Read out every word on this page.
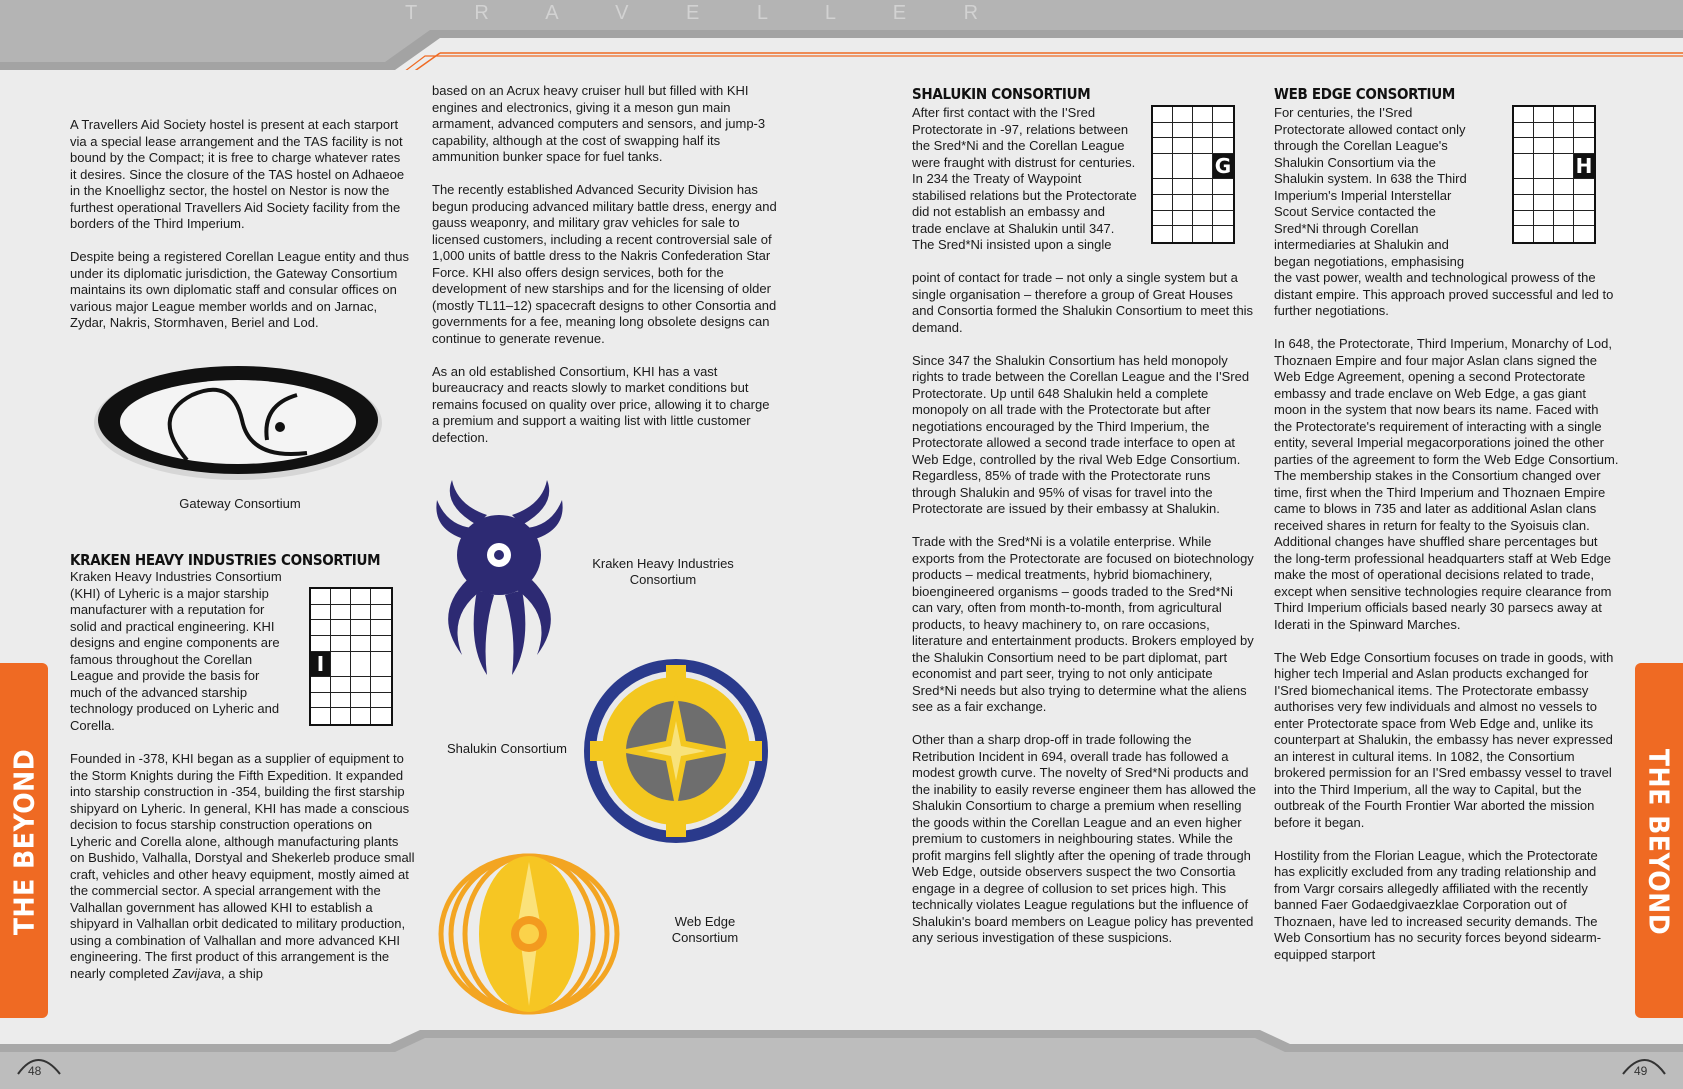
T R A V E L L E R
48	49
THE BEYOND	THE BEYOND

A Travellers Aid Society hostel is present at each starport via a special lease arrangement and the TAS facility is not bound by the Compact; it is free to charge whatever rates it desires. Since the closure of the TAS hostel on Adhaeoe in the Knoellighz sector, the hostel on Nestor is now the furthest operational Travellers Aid Society facility from the borders of the Third Imperium.

Despite being a registered Corellan League entity and thus under its diplomatic jurisdiction, the Gateway Consortium maintains its own diplomatic staff and consular offices on various major League member worlds and on Jarnac, Zydar, Nakris, Stormhaven, Beriel and Lod.

Gateway Consortium
KRAKEN HEAVY INDUSTRIES CONSORTIUM

Kraken Heavy Industries Consortium (KHI) of Lyheric is a major starship manufacturer with a reputation for solid and practical engineering. KHI designs and engine components are famous throughout the Corellan League and provide the basis for much of the advanced starship technology produced on Lyheric and Corella.

I

Founded in -378, KHI began as a supplier of equipment to the Storm Knights during the Fifth Expedition. It expanded into starship construction in -354, building the first starship shipyard on Lyheric. In general, KHI has made a conscious decision to focus starship construction operations on Lyheric and Corella alone, although manufacturing plants on Bushido, Valhalla, Dorstyal and Shekerleb produce small craft, vehicles and other heavy equipment, mostly aimed at the commercial sector. A special arrangement with the Valhallan government has allowed KHI to establish a shipyard in Valhallan orbit dedicated to military production, using a combination of Valhallan and more advanced KHI engineering. The first product of this arrangement is the nearly completed Zavijava, a ship

based on an Acrux heavy cruiser hull but filled with KHI engines and electronics, giving it a meson gun main armament, advanced computers and sensors, and jump-3 capability, although at the cost of swapping half its ammunition bunker space for fuel tanks.

The recently established Advanced Security Division has begun producing advanced military battle dress, energy and gauss weaponry, and military grav vehicles for sale to licensed customers, including a recent controversial sale of 1,000 units of battle dress to the Nakris Confederation Star Force. KHI also offers design services, both for the development of new starships and for the licensing of older (mostly TL11–12) spacecraft designs to other Consortia and governments for a fee, meaning long obsolete designs can continue to generate revenue.

As an old established Consortium, KHI has a vast bureaucracy and reacts slowly to market conditions but remains focused on quality over price, allowing it to charge a premium and support a waiting list with little customer defection.

Kraken Heavy Industries
Consortium
Shalukin Consortium
Web Edge
Consortium
SHALUKIN CONSORTIUM

After first contact with the I'Sred Protectorate in -97, relations between the Sred*Ni and the Corellan League were fraught with distrust for centuries. In 234 the Treaty of Waypoint stabilised relations but the Protectorate did not establish an embassy and trade enclave at Shalukin until 347. The Sred*Ni insisted upon a single

G

point of contact for trade – not only a single system but a single organisation – therefore a group of Great Houses and Consortia formed the Shalukin Consortium to meet this demand.

Since 347 the Shalukin Consortium has held monopoly rights to trade between the Corellan League and the I'Sred Protectorate. Up until 648 Shalukin held a complete monopoly on all trade with the Protectorate but after negotiations encouraged by the Third Imperium, the Protectorate allowed a second trade interface to open at Web Edge, controlled by the rival Web Edge Consortium. Regardless, 85% of trade with the Protectorate runs through Shalukin and 95% of visas for travel into the Protectorate are issued by their embassy at Shalukin.

Trade with the Sred*Ni is a volatile enterprise. While exports from the Protectorate are focused on biotechnology products – medical treatments, hybrid biomachinery, bioengineered organisms – goods traded to the Sred*Ni can vary, often from month-to-month, from agricultural products, to heavy machinery to, on rare occasions, literature and entertainment products. Brokers employed by the Shalukin Consortium need to be part diplomat, part economist and part seer, trying to not only anticipate Sred*Ni needs but also trying to determine what the aliens see as a fair exchange.

Other than a sharp drop-off in trade following the Retribution Incident in 694, overall trade has followed a modest growth curve. The novelty of Sred*Ni products and the inability to easily reverse engineer them has allowed the Shalukin Consortium to charge a premium when reselling the goods within the Corellan League and an even higher premium to customers in neighbouring states. While the profit margins fell slightly after the opening of trade through Web Edge, outside observers suspect the two Consortia engage in a degree of collusion to set prices high. This technically violates League regulations but the influence of Shalukin's board members on League policy has prevented any serious investigation of these suspicions.

WEB EDGE CONSORTIUM

For centuries, the I'Sred Protectorate allowed contact only through the Corellan League's Shalukin Consortium via the Shalukin system. In 638 the Third Imperium's Imperial Interstellar Scout Service contacted the Sred*Ni through Corellan intermediaries at Shalukin and began negotiations, emphasising

H

the vast power, wealth and technological prowess of the distant empire. This approach proved successful and led to further negotiations.

In 648, the Protectorate, Third Imperium, Monarchy of Lod, Thoznaen Empire and four major Aslan clans signed the Web Edge Agreement, opening a second Protectorate embassy and trade enclave on Web Edge, a gas giant moon in the system that now bears its name. Faced with the Protectorate's requirement of interacting with a single entity, several Imperial megacorporations joined the other parties of the agreement to form the Web Edge Consortium. The membership stakes in the Consortium changed over time, first when the Third Imperium and Thoznaen Empire came to blows in 735 and later as additional Aslan clans received shares in return for fealty to the Syoisuis clan. Additional changes have shuffled share percentages but the long-term professional headquarters staff at Web Edge make the most of operational decisions related to trade, except when sensitive technologies require clearance from Third Imperium officials based nearly 30 parsecs away at Iderati in the Spinward Marches.

The Web Edge Consortium focuses on trade in goods, with higher tech Imperial and Aslan products exchanged for I'Sred biomechanical items. The Protectorate embassy authorises very few individuals and almost no vessels to enter Protectorate space from Web Edge and, unlike its counterpart at Shalukin, the embassy has never expressed an interest in cultural items. In 1082, the Consortium brokered permission for an I'Sred embassy vessel to travel into the Third Imperium, all the way to Capital, but the outbreak of the Fourth Frontier War aborted the mission before it began.

Hostility from the Florian League, which the Protectorate has explicitly excluded from any trading relationship and from Vargr corsairs allegedly affiliated with the recently banned Faer Godaedgivaezklae Corporation out of Thoznaen, have led to increased security demands. The Web Consortium has no security forces beyond sidearm-equipped starport
